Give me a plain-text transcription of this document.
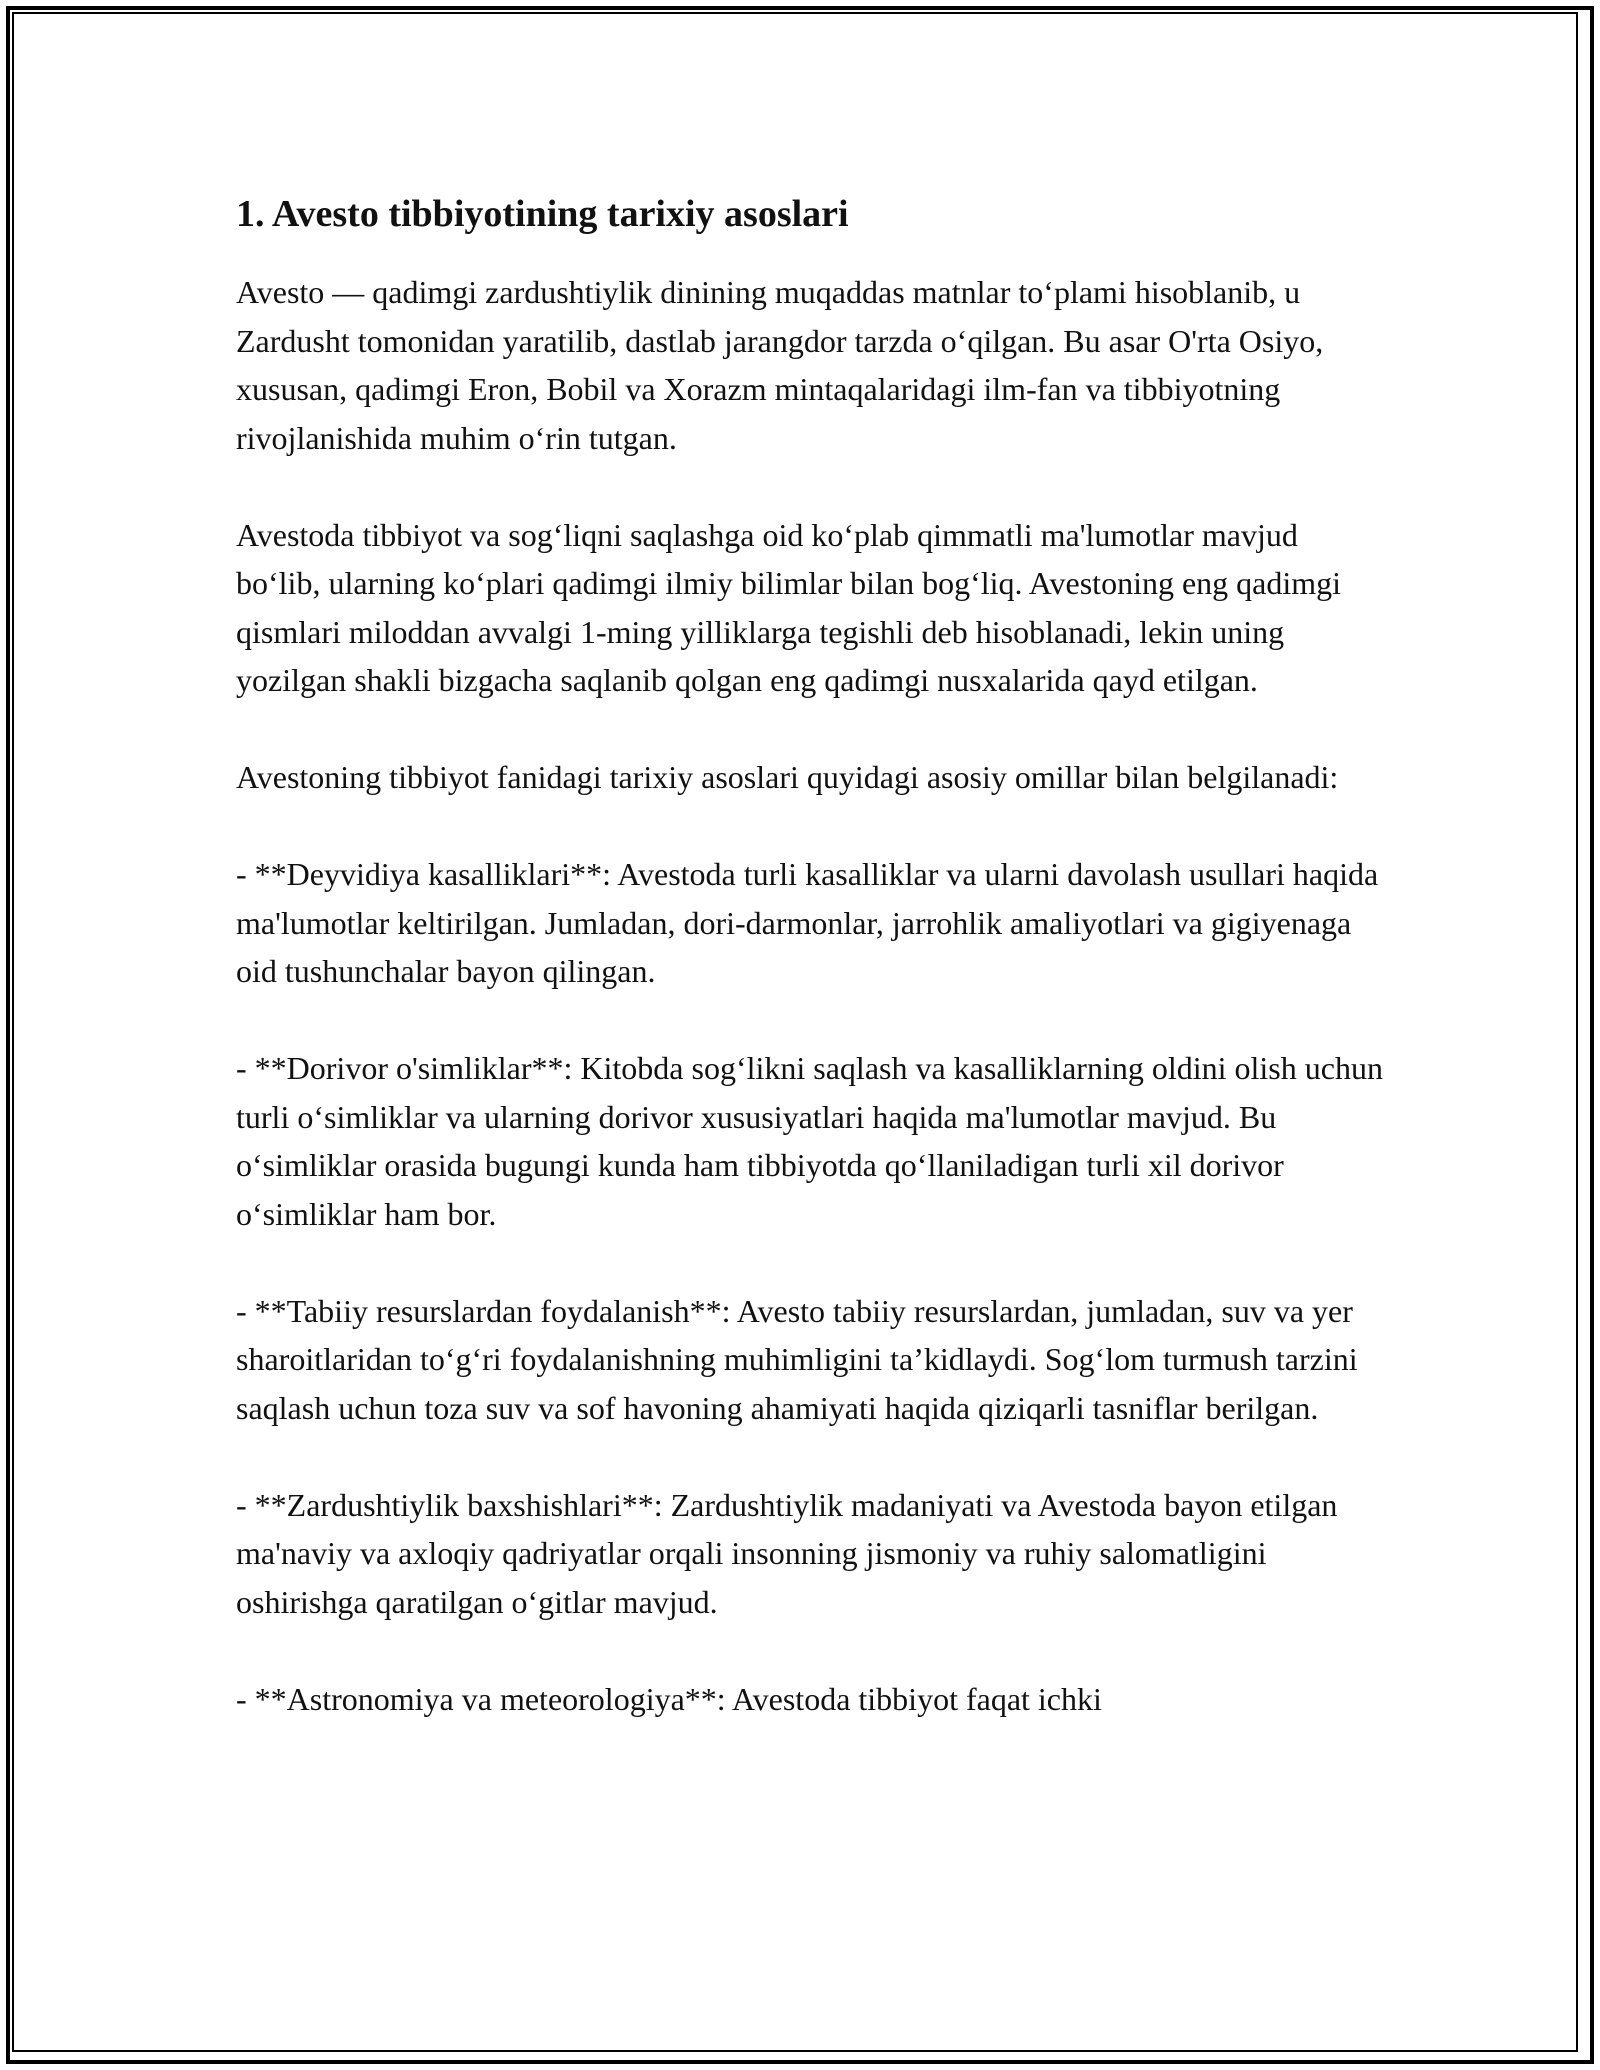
1. Avesto tibbiyotining tarixiy asoslari

Avesto — qadimgi zardushtiylik dinining muqaddas matnlar to‘plami hisoblanib, u Zardusht tomonidan yaratilib, dastlab jarangdor tarzda o‘qilgan. Bu asar O'rta Osiyo, xususan, qadimgi Eron, Bobil va Xorazm mintaqalaridagi ilm-fan va tibbiyotning rivojlanishida muhim o‘rin tutgan.

Avestoda tibbiyot va sog‘liqni saqlashga oid ko‘plab qimmatli ma'lumotlar mavjud bo‘lib, ularning ko‘plari qadimgi ilmiy bilimlar bilan bog‘liq. Avestoning eng qadimgi qismlari miloddan avvalgi 1-ming yilliklarga tegishli deb hisoblanadi, lekin uning yozilgan shakli bizgacha saqlanib qolgan eng qadimgi nusxalarida qayd etilgan.

Avestoning tibbiyot fanidagi tarixiy asoslari quyidagi asosiy omillar bilan belgilanadi:

- **Deyvidiya kasalliklari**: Avestoda turli kasalliklar va ularni davolash usullari haqida ma'lumotlar keltirilgan. Jumladan, dori-darmonlar, jarrohlik amaliyotlari va gigiyenaga oid tushunchalar bayon qilingan.

- **Dorivor o'simliklar**: Kitobda sog‘likni saqlash va kasalliklarning oldini olish uchun turli o‘simliklar va ularning dorivor xususiyatlari haqida ma'lumotlar mavjud. Bu o‘simliklar orasida bugungi kunda ham tibbiyotda qo‘llaniladigan turli xil dorivor o‘simliklar ham bor.

- **Tabiiy resurslardan foydalanish**: Avesto tabiiy resurslardan, jumladan, suv va yer sharoitlaridan to‘g‘ri foydalanishning muhimligini ta’kidlaydi. Sog‘lom turmush tarzini saqlash uchun toza suv va sof havoning ahamiyati haqida qiziqarli tasniflar berilgan.

- **Zardushtiylik baxshishlari**: Zardushtiylik madaniyati va Avestoda bayon etilgan ma'naviy va axloqiy qadriyatlar orqali insonning jismoniy va ruhiy salomatligini oshirishga qaratilgan o‘gitlar mavjud.

- **Astronomiya va meteorologiya**: Avestoda tibbiyot faqat ichki
